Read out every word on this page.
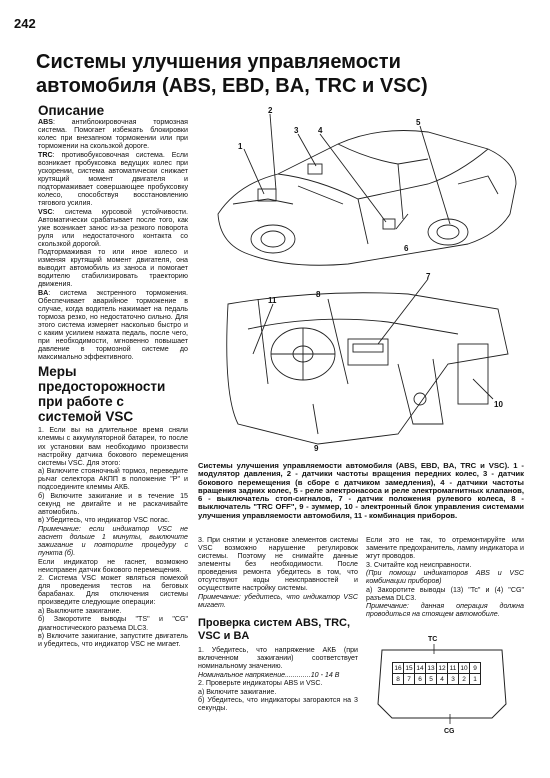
242
Системы улучшения управляемости автомобиля (ABS, EBD, BA, TRC и VSC)
Описание

ABS: антиблокировочная тормозная система. Помогает избежать блокировки колес при внезапном торможении или при торможении на скользкой дороге.

TRC: противобуксовочная система. Если возникает пробуксовка ведущих колес при ускорении, система автоматически снижает крутящий момент двигателя и подтормаживает совершающее пробуксовку колесо, способствуя восстановлению тягового усилия.

VSC: система курсовой устойчивости. Автоматически срабатывает после того, как уже возникает занос из-за резкого поворота руля или недостаточного контакта со скользкой дорогой.

Подтормаживая то или иное колесо и изменяя крутящий момент двигателя, она выводит автомобиль из заноса и помогает водителю стабилизировать траекторию движения.

BA: система экстренного торможения. Обеспечивает аварийное торможение в случае, когда водитель нажимает на педаль тормоза резко, но недостаточно сильно. Для этого система измеряет насколько быстро и с каким усилием нажата педаль, после чего, при необходимости, мгновенно повышает давление в тормозной системе до максимально эффективного.

Меры предосторожности при работе с системой VSC

1. Если вы на длительное время сняли клеммы с аккумуляторной батареи, то после их установки вам необходимо произвести настройку датчика бокового перемещения системы VSC. Для этого:

а) Включите стояночный тормоз, переведите рычаг селектора АКПП в положение "P" и подсоедините клеммы АКБ.

б) Включите зажигание и в течение 15 секунд не двигайте и не раскачивайте автомобиль.

в) Убедитесь, что индикатор VSC погас.

Примечание: если индикатор VSC не гаснет дольше 1 минуты, выключите зажигание и повторите процедуру с пункта (б).

Если индикатор не гаснет, возможно неисправен датчик бокового перемещения.

2. Система VSC может являться помехой для проведения тестов на беговых барабанах. Для отключения системы произведите следующие операции:

а) Выключите зажигание.

б) Закоротите выводы "TS" и "CG" диагностического разъема DLC3.

в) Включите зажигание, запустите двигатель и убедитесь, что индикатор VSC не мигает.

2
1
3 4
5
6
7
8
9
10
11
Системы улучшения управляемости автомобиля (ABS, EBD, BA, TRC и VSC). 1 - модулятор давления, 2 - датчики частоты вращения передних колес, 3 - датчик бокового перемещения (в сборе с датчиком замедления), 4 - датчики частоты вращения задних колес, 5 - реле электронасоса и реле электромагнитных клапанов, 6 - выключатель стоп-сигналов, 7 - датчик положения рулевого колеса, 8 - выключатель "TRC OFF", 9 - зуммер, 10 - электронный блок управления системами улучшения управляемости автомобиля, 11 - комбинация приборов.

3. При снятии и установке элементов системы VSC возможно нарушение регулировок системы. Поэтому не снимайте данные элементы без необходимости. После проведения ремонта убедитесь в том, что отсутствуют коды неисправностей и осуществите настройку системы.

Примечание: убедитесь, что индикатор VSC мигает.

Проверка систем ABS, TRC, VSC и BA

1. Убедитесь, что напряжение АКБ (при включенном зажигании) соответствует номинальному значению.

Номинальное напряжение.............10 - 14 В

2. Проверьте индикаторы ABS и VSC.

а) Включите зажигание.

б) Убедитесь, что индикаторы загораются на 3 секунды.

Если это не так, то отремонтируйте или замените предохранитель, лампу индикатора и жгут проводов.

3. Считайте код неисправности.

(При помощи индикаторов ABS и VSC комбинации приборов)

а) Закоротите выводы (13) "Tc" и (4) "CG" разъема DLC3.

Примечание: данная операция должна проводиться на стоящем автомобиле.

TC
16	15	14	13	12	11	10	9
8	7	6	5	4	3	2	1
CG
